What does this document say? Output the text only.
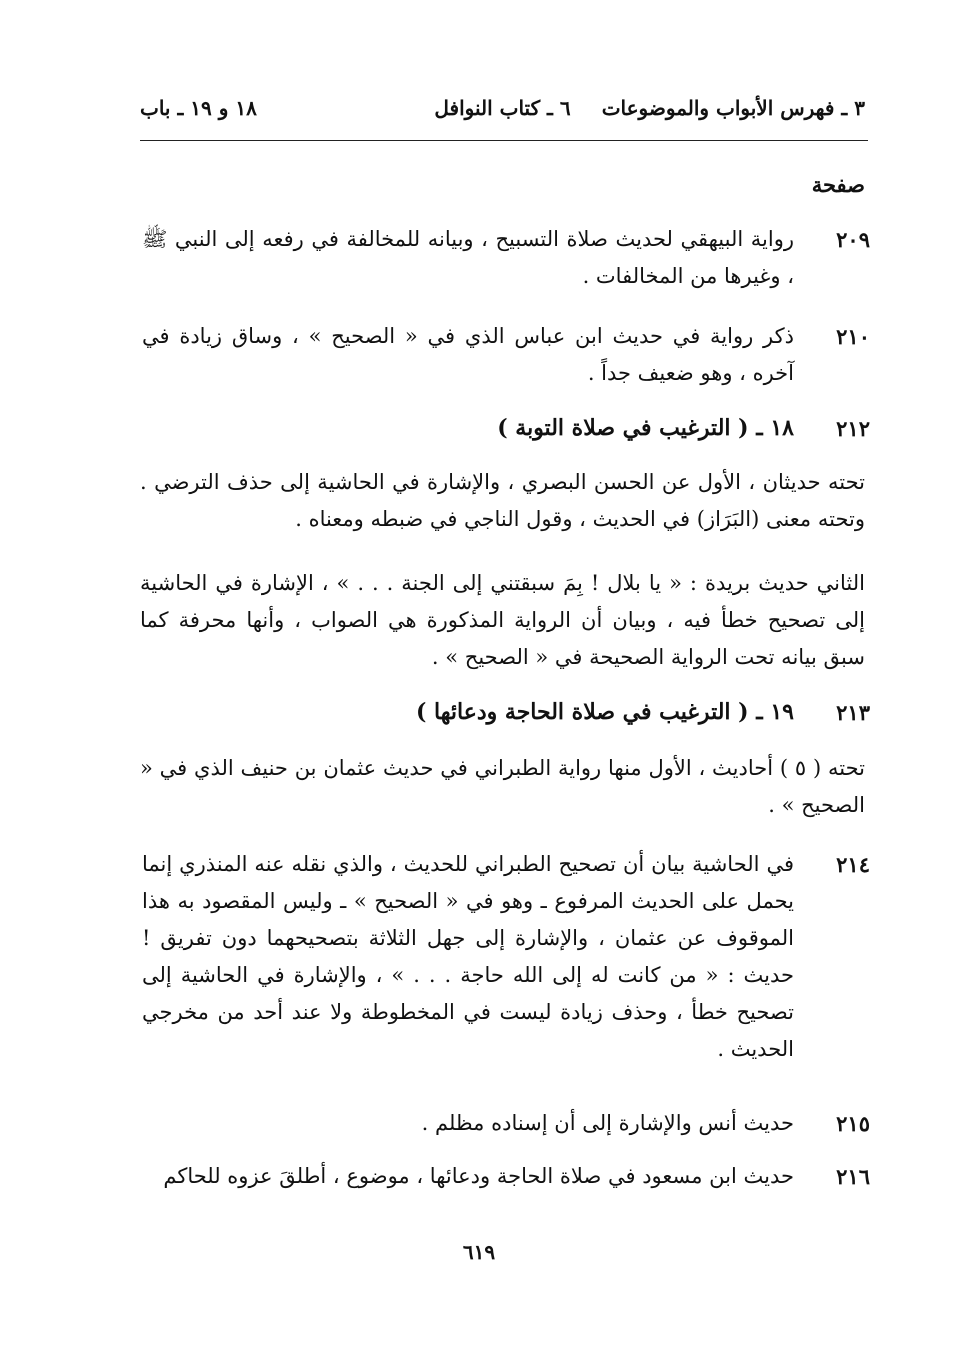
٣ ـ فهرس الأبواب والموضوعات
٦ ـ كتاب النوافل
١٨ و ١٩ ـ باب
صفحة
٢٠٩
رواية البيهقي لحديث صلاة التسبيح ، وبيانه للمخالفة في رفعه إلى النبي ﷺ ، وغيرها من المخالفات .
٢١٠
ذكر رواية في حديث ابن عباس الذي في « الصحيح » ، وساق زيادة في آخره ، وهو ضعيف جداً .
٢١٢
١٨ ـ ( الترغيب في صلاة التوبة )
تحته حديثان ، الأول عن الحسن البصري ، والإشارة في الحاشية إلى حذف الترضي . وتحته معنى (البَرَاز) في الحديث ، وقول الناجي في ضبطه ومعناه .
الثاني حديث بريدة : « يا بلال ! بِمَ سبقتني إلى الجنة . . . » ، الإشارة في الحاشية إلى تصحيح خطأ فيه ، وبيان أن الرواية المذكورة هي الصواب ، وأنها محرفة كما سبق بيانه تحت الرواية الصحيحة في « الصحيح » .
٢١٣
١٩ ـ ( الترغيب في صلاة الحاجة ودعائها )
تحته ( ٥ ) أحاديث ، الأول منها رواية الطبراني في حديث عثمان بن حنيف الذي في « الصحيح » .
٢١٤
في الحاشية بيان أن تصحيح الطبراني للحديث ، والذي نقله عنه المنذري إنما يحمل على الحديث المرفوع ـ وهو في « الصحيح » ـ وليس المقصود به هذا الموقوف عن عثمان ، والإشارة إلى جهل الثلاثة بتصحيحهما دون تفريق ! حديث : « من كانت له إلى الله حاجة . . . » ، والإشارة في الحاشية إلى تصحيح خطأ ، وحذف زيادة ليست في المخطوطة ولا عند أحد من مخرجي الحديث .
٢١٥
حديث أنس والإشارة إلى أن إسناده مظلم .
٢١٦
حديث ابن مسعود في صلاة الحاجة ودعائها ، موضوع ، أطلقَ عزوه للحاكم
٦١٩
